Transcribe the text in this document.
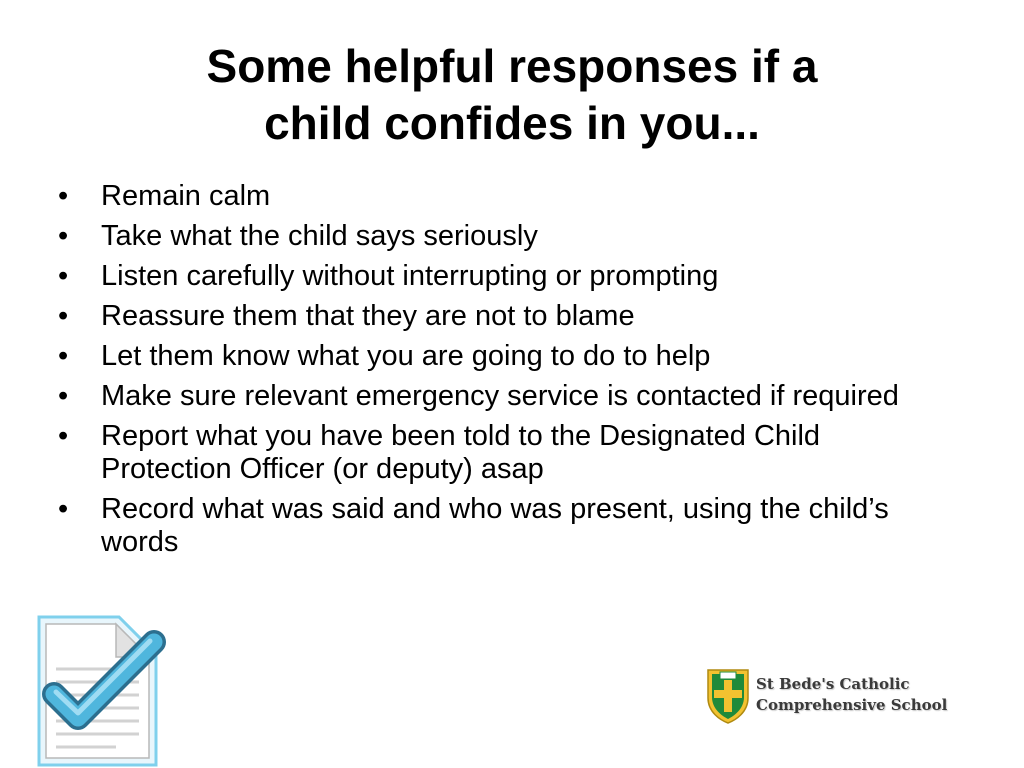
Some helpful responses if a
child confides in you...
• Remain calm
• Take what the child says seriously
• Listen carefully without interrupting or prompting
• Reassure them that they are not to blame
• Let them know what you are going to do to help
• Make sure relevant emergency service is contacted if required
• Report what you have been told to the Designated Child Protection Officer (or deputy) asap
• Record what was said and who was present, using the child’s words
St Bede's Catholic
Comprehensive School
